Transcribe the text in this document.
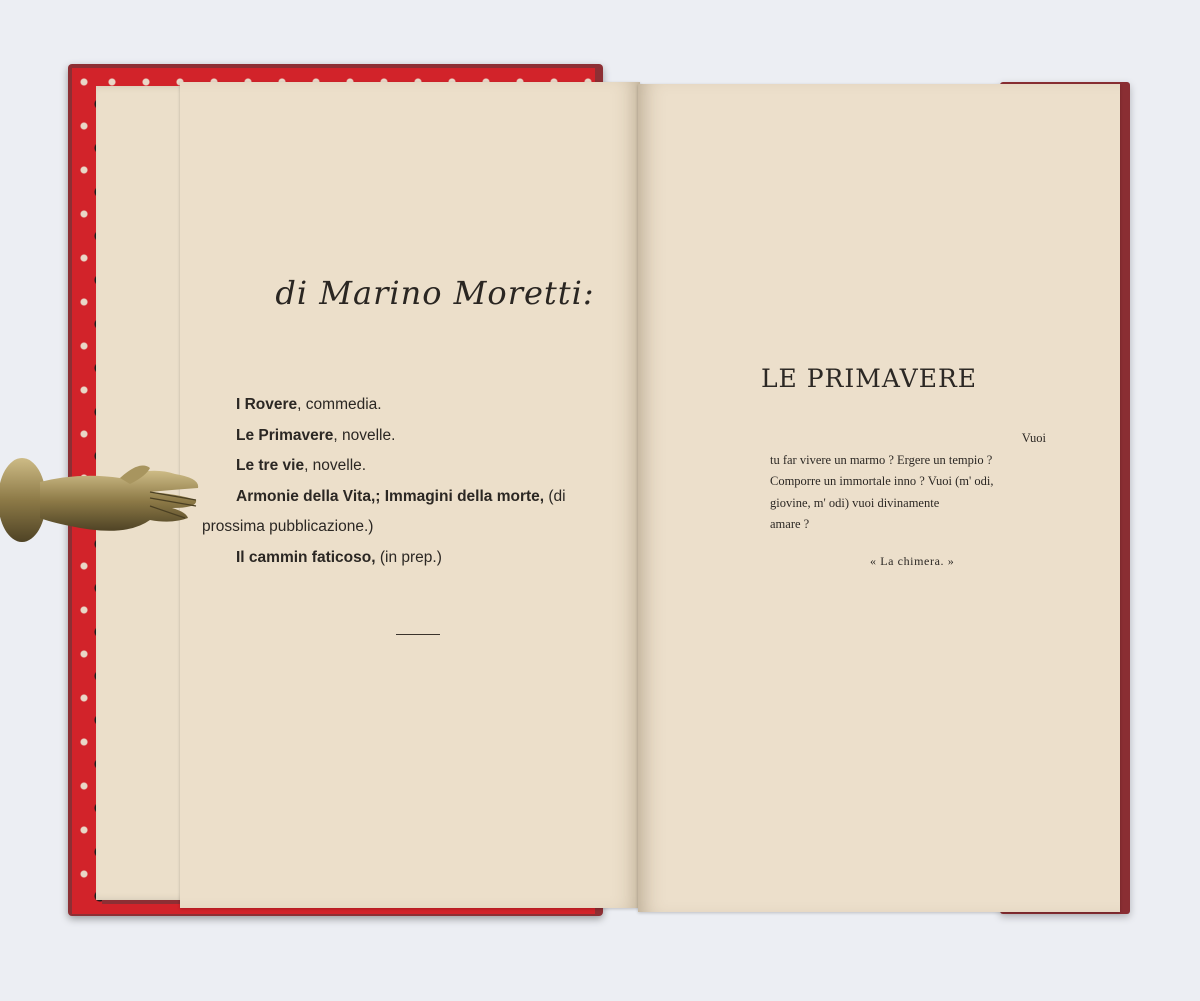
di Marino Moretti:
I Rovere, commedia.
Le Primavere, novelle.
Le tre vie, novelle.
Armonie della Vita,; Immagini della morte, (di prossima pubblicazione.)
Il cammin faticoso, (in prep.)
LE PRIMAVERE
Vuoi
tu far vivere un marmo ? Ergere un tempio ?
Comporre un immortale inno ? Vuoi (m' odi,
giovine, m' odi) vuoi divinamente
amare ?
« La chimera. »
